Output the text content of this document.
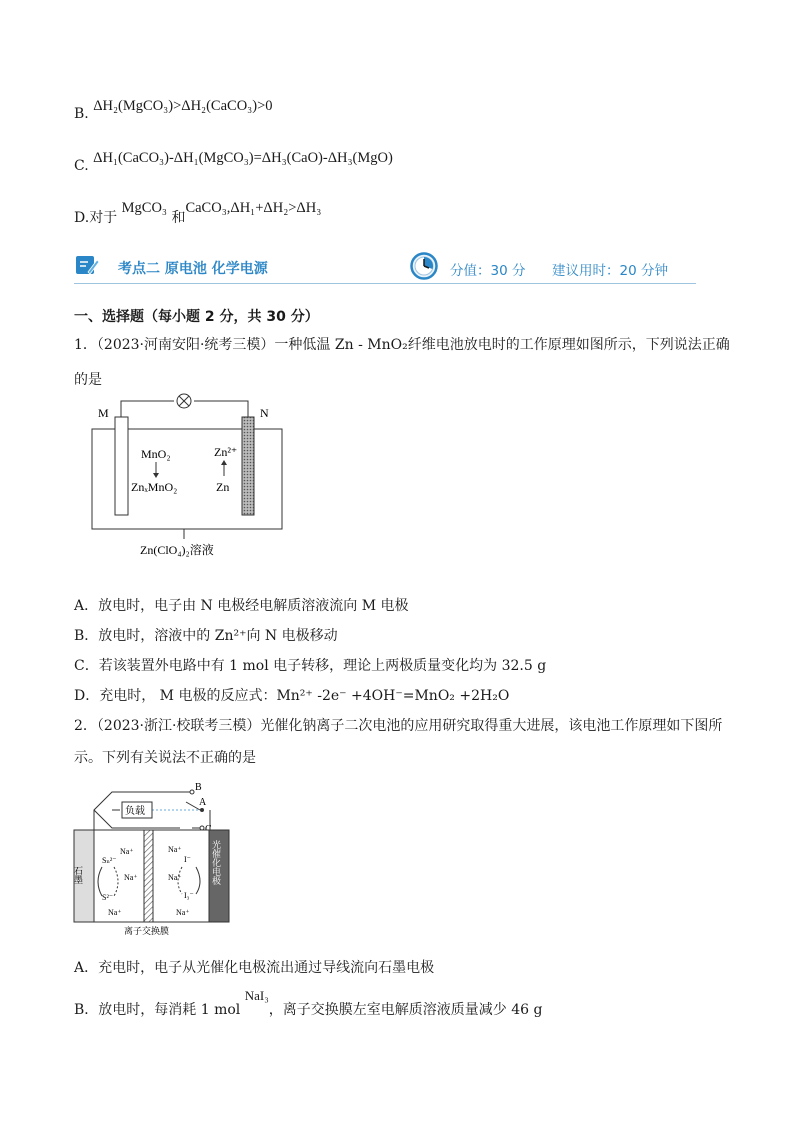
B. ΔH₂(MgCO₃)>ΔH₂(CaCO₃)>0
C. ΔH₁(CaCO₃)-ΔH₁(MgCO₃)=ΔH₃(CaO)-ΔH₃(MgO)
D.对于 MgCO₃ 和CaCO₃,ΔH₁+ΔH₂>ΔH₃
考点二 原电池 化学电源	分值：30 分 建议用时：20 分钟
一、选择题（每小题 2 分，共 30 分）
1．（2023·河南安阳·统考三模）一种低温 Zn - MnO₂纤维电池放电时的工作原理如图所示，下列说法正确
的是
M	N
MnO₂
ZnₓMnO₂
Zn²⁺
Zn
Zn(ClO₄)₂溶液
A．放电时，电子由 N 电极经电解质溶液流向 M 电极
B．放电时，溶液中的 Zn²⁺向 N 电极移动
C．若该装置外电路中有 1 mol 电子转移，理论上两极质量变化均为 32.5 g
D．充电时， M 电极的反应式：Mn²⁺ -2e⁻ +4OH⁻=MnO₂ +2H₂O
2．（2023·浙江·校联考三模）光催化钠离子二次电池的应用研究取得重大进展，该电池工作原理如下图所
示。下列有关说法不正确的是
B
A
负载
石墨	光催化电极
Na⁺
Sₙ²⁻
Na⁺
S²⁻
Na⁺
Na⁺
I⁻
Na⁺
I₃⁻
Na⁺
离子交换膜
A．充电时，电子从光催化电极流出通过导线流向石墨电极
B．放电时，每消耗 1 mol NaI₃，离子交换膜左室电解质溶液质量减少 46 g
